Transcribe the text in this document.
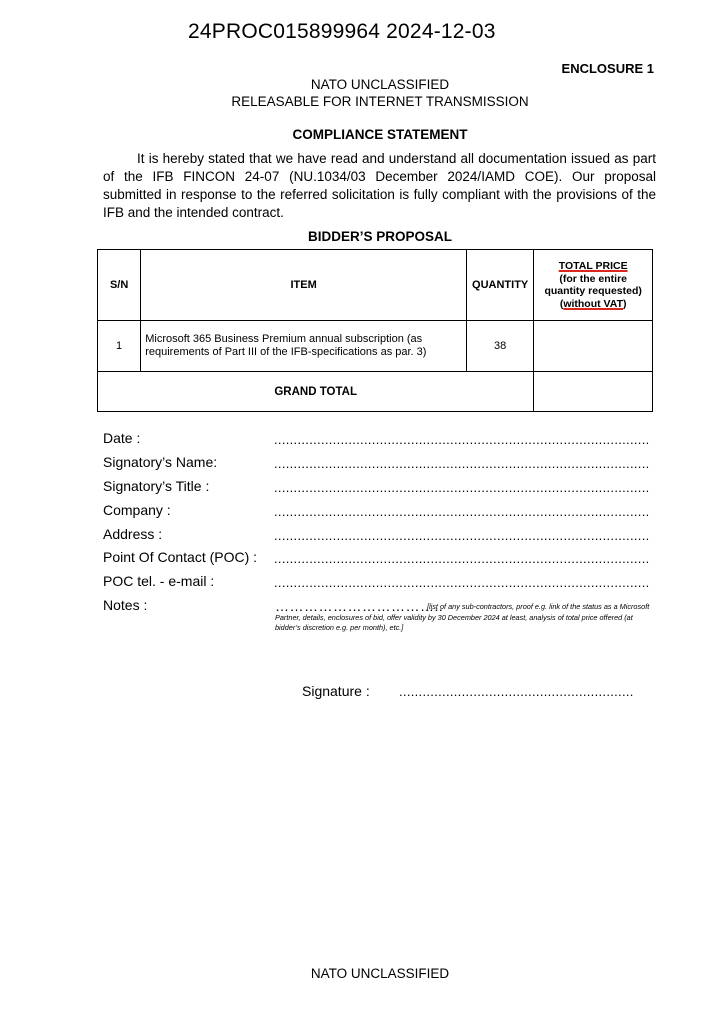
24PROC015899964 2024-12-03
ENCLOSURE 1
NATO UNCLASSIFIED
RELEASABLE FOR INTERNET TRANSMISSION
COMPLIANCE STATEMENT
It is hereby stated that we have read and understand all documentation issued as part of the IFB FINCON 24-07 (NU.1034/03 December 2024/IAMD COE). Our proposal submitted in response to the referred solicitation is fully compliant with the provisions of the IFB and the intended contract.
BIDDER’S PROPOSAL
S/N	ITEM	QUANTITY	TOTAL PRICE
(for the entire
quantity requested)
(without VAT)
1	Microsoft 365 Business Premium annual subscription (as requirements of Part III of the IFB-specifications as par. 3)	38	
GRAND TOTAL			
Date :	................................................................................................
Signatory’s Name:	................................................................................................
Signatory’s Title :	................................................................................................
Company :	................................................................................................
Address :	................................................................................................
Point Of Contact (POC) : ................................................................................................
POC tel. - e-mail :	................................................................................................
Notes :	……………………………..
[list of any sub-contractors, proof e.g. link of the status as a Microsoft Partner, details, enclosures of bid, offer validity by 30 December 2024 at least, analysis of total price offered (at bidder’s discretion e.g. per month), etc.]
Signature : ............................................................
NATO UNCLASSIFIED
